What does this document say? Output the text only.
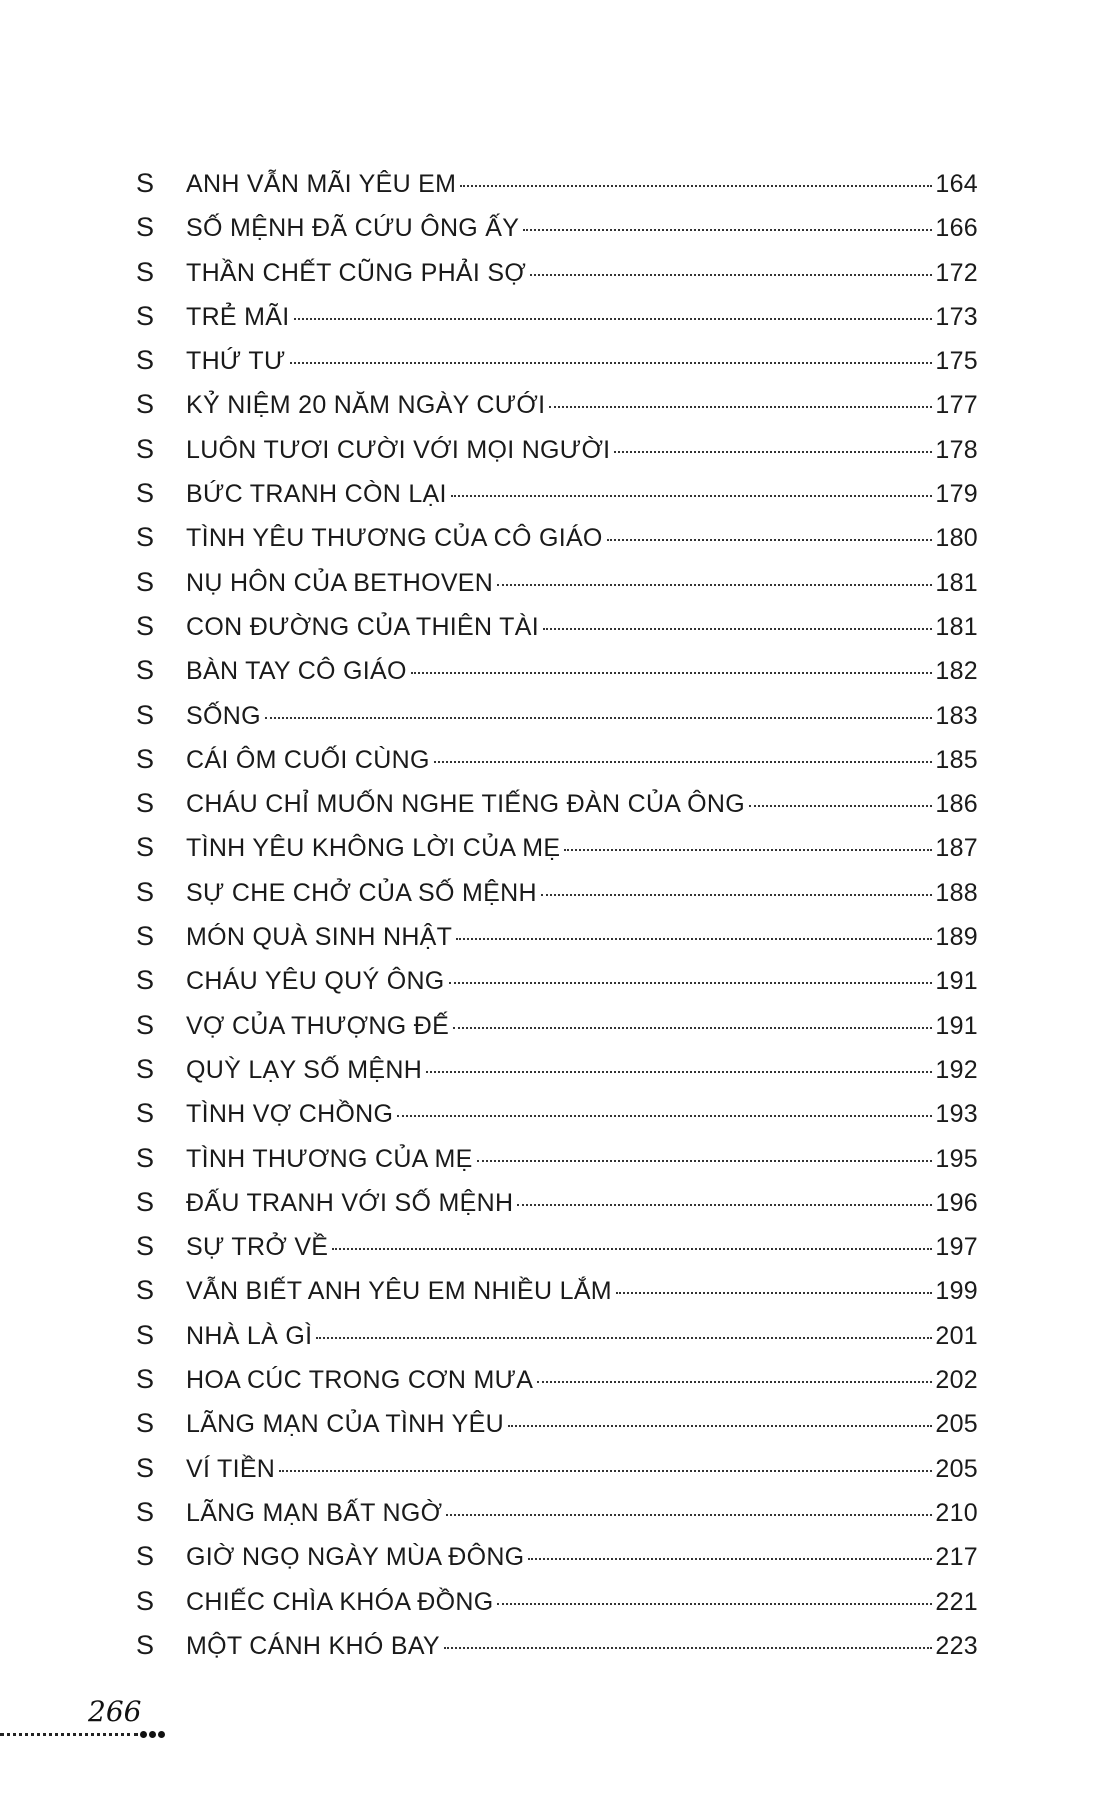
S	ANH VẪN MÃI YÊU EM	164
S	SỐ MỆNH ĐÃ CỨU ÔNG ẤY	166
S	THẦN CHẾT CŨNG PHẢI SỢ	172
S	TRẺ MÃI	173
S	THỨ TƯ	175
S	KỶ NIỆM 20 NĂM NGÀY CƯỚI	177
S	LUÔN TƯƠI CƯỜI VỚI MỌI NGƯỜI	178
S	BỨC TRANH CÒN LẠI	179
S	TÌNH YÊU THƯƠNG CỦA CÔ GIÁO	180
S	NỤ HÔN CỦA BETHOVEN	181
S	CON ĐƯỜNG CỦA THIÊN TÀI	181
S	BÀN TAY CÔ GIÁO	182
S	SỐNG	183
S	CÁI ÔM CUỐI CÙNG	185
S	CHÁU CHỈ MUỐN NGHE TIẾNG ĐÀN CỦA ÔNG	186
S	TÌNH YÊU KHÔNG LỜI CỦA MẸ	187
S	SỰ CHE CHỞ CỦA SỐ MỆNH	188
S	MÓN QUÀ SINH NHẬT	189
S	CHÁU YÊU QUÝ ÔNG	191
S	VỢ CỦA THƯỢNG ĐẾ	191
S	QUỲ LẠY SỐ MỆNH	192
S	TÌNH VỢ CHỒNG	193
S	TÌNH THƯƠNG CỦA MẸ	195
S	ĐẤU TRANH VỚI SỐ MỆNH	196
S	SỰ TRỞ VỀ	197
S	VẪN BIẾT ANH YÊU EM NHIỀU LẮM	199
S	NHÀ LÀ GÌ	201
S	HOA CÚC TRONG CƠN MƯA	202
S	LÃNG MẠN CỦA TÌNH YÊU	205
S	VÍ TIỀN	205
S	LÃNG MẠN BẤT NGỜ	210
S	GIỜ NGỌ NGÀY MÙA ĐÔNG	217
S	CHIẾC CHÌA KHÓA ĐỒNG	221
S	MỘT CÁNH KHÓ BAY	223
266
